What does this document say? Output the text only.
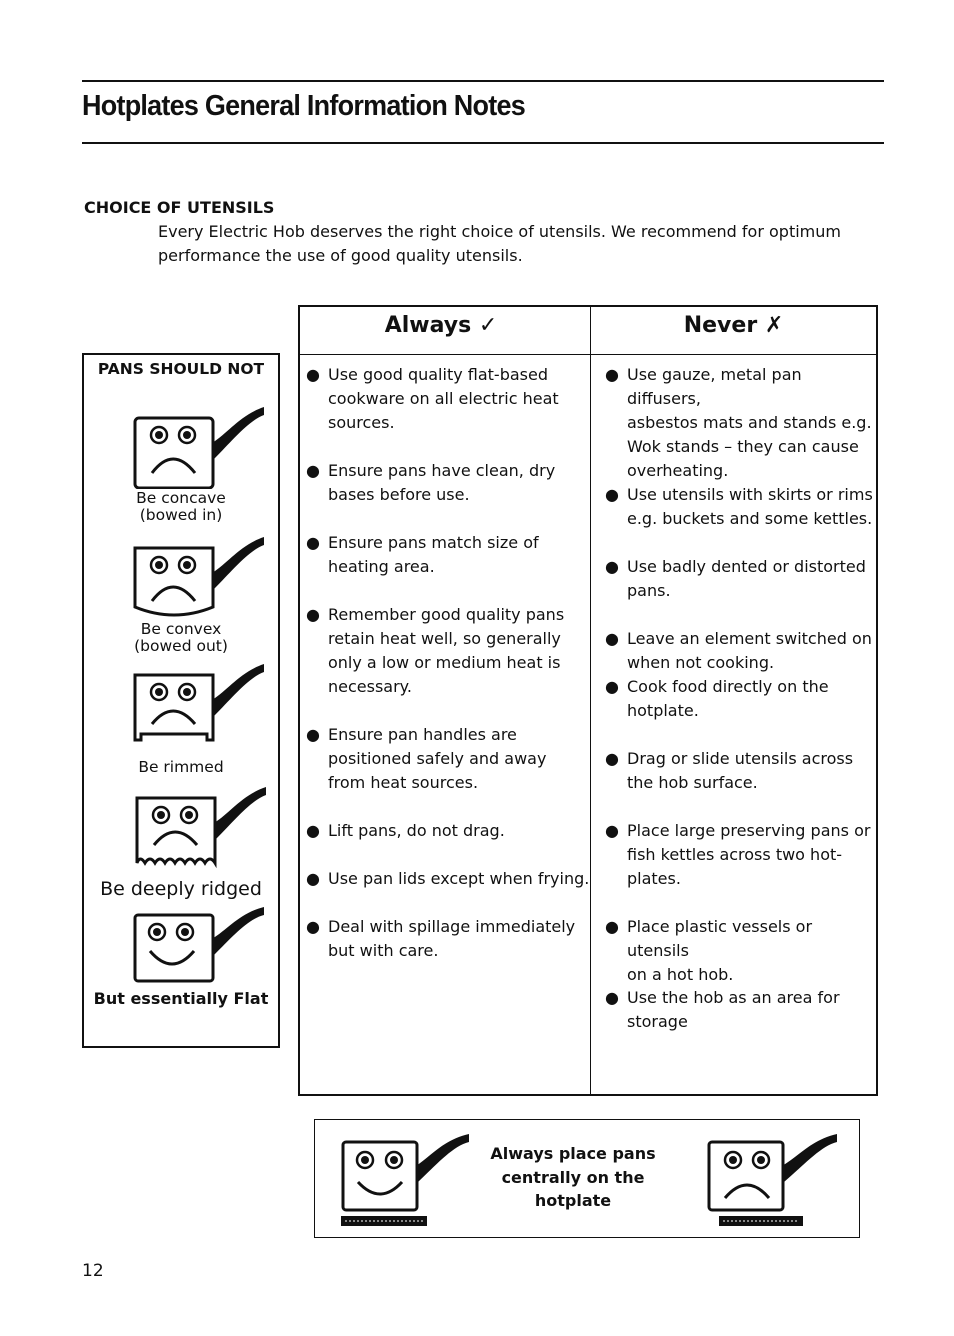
Hotplates General Information Notes
CHOICE OF UTENSILS

Every Electric Hob deserves the right choice of utensils. We recommend for optimum performance the use of good quality utensils.

PANS SHOULD NOT
Be concave
(bowed in)
Be convex
(bowed out)
Be rimmed
Be deeply ridged
But essentially Flat
Always ✓	Never ✗
● Use good quality flat-based
cookware on all electric heat
sources.
● Ensure pans have clean, dry
bases before use.
● Ensure pans match size of
heating area.
● Remember good quality pans
retain heat well, so generally
only a low or medium heat is
necessary.
● Ensure pan handles are
positioned safely and away
from heat sources.
● Lift pans, do not drag.
● Use pan lids except when frying.
● Deal with spillage immediately
but with care.
● Use gauze, metal pan diffusers,
asbestos mats and stands e.g.
Wok stands – they can cause
overheating.
● Use utensils with skirts or rims
e.g. buckets and some kettles.
● Use badly dented or distorted
pans.
● Leave an element switched on
when not cooking.
● Cook food directly on the
hotplate.
● Drag or slide utensils across
the hob surface.
● Place large preserving pans or
fish kettles across two hot-
plates.
● Place plastic vessels or utensils
on a hot hob.
● Use the hob as an area for
storage
Always place pans centrally on the hotplate
12
